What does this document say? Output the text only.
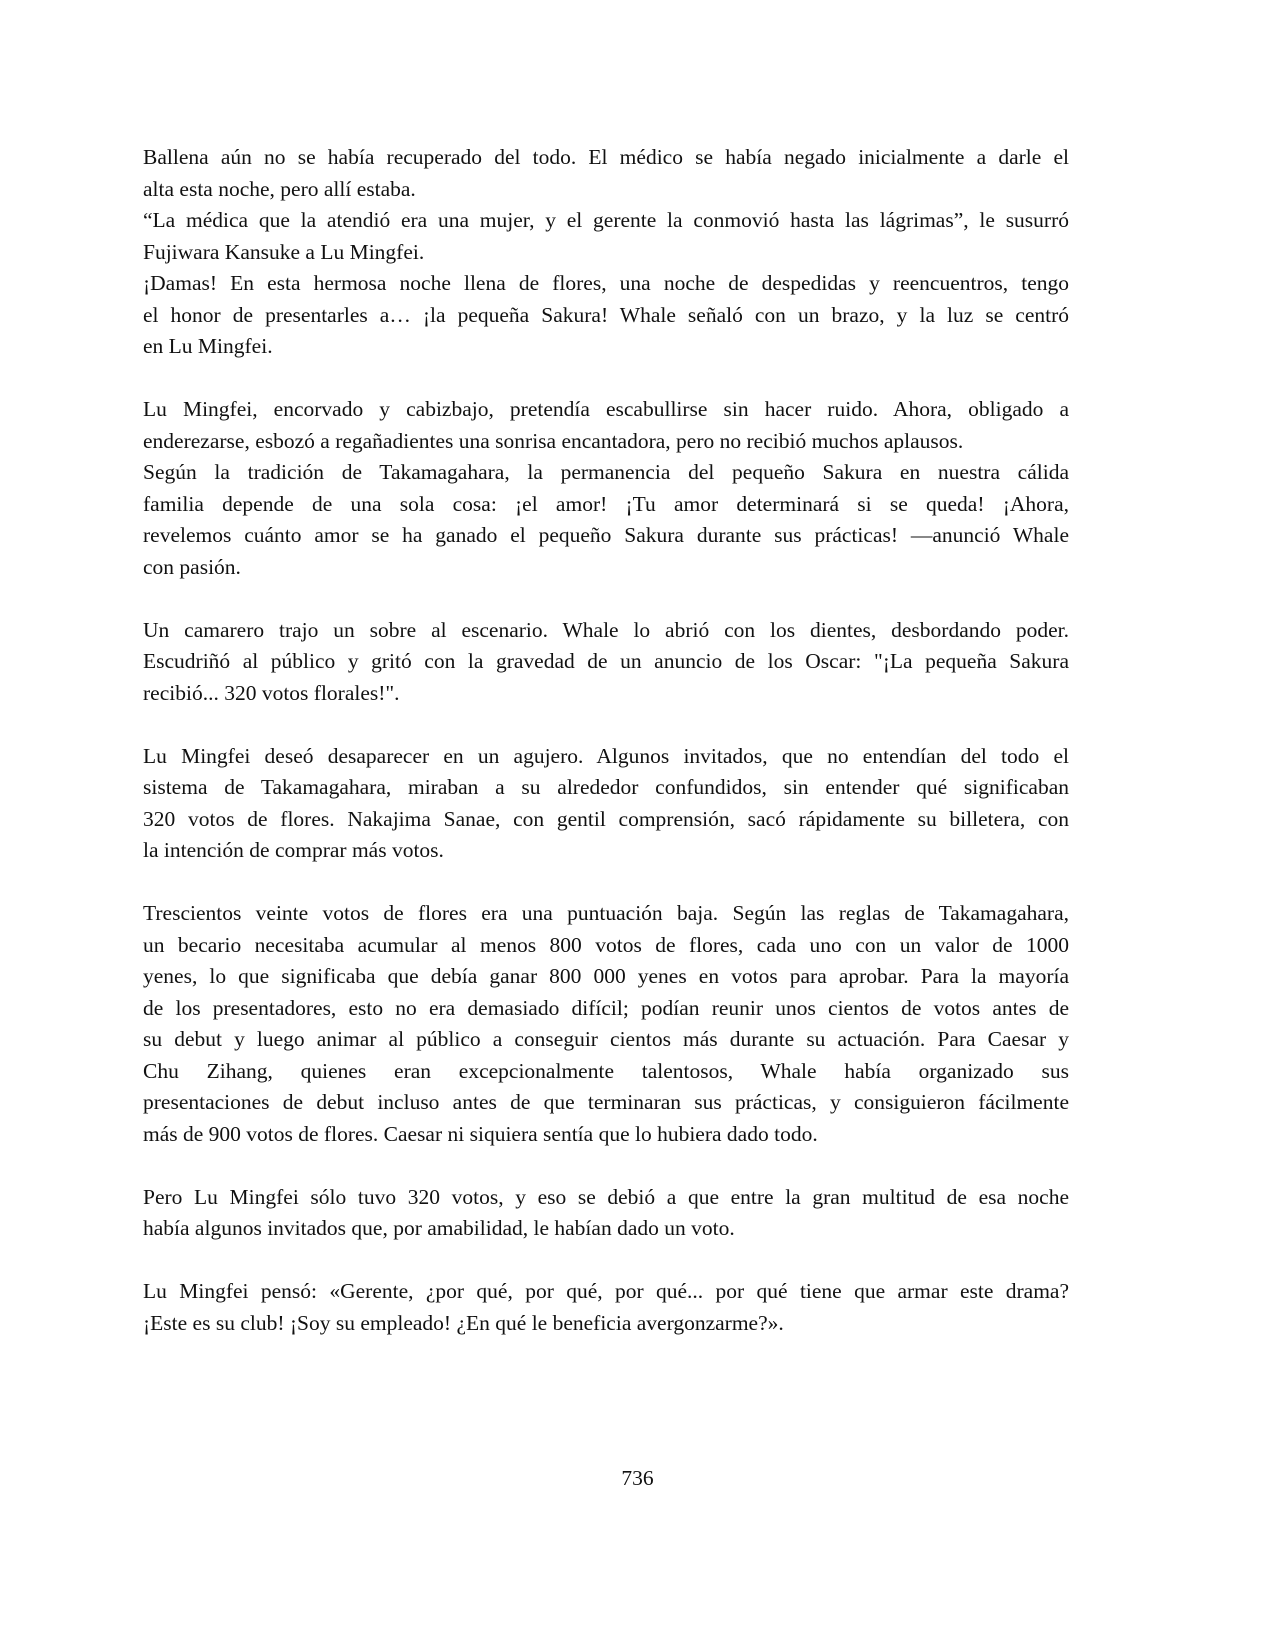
Ballena aún no se había recuperado del todo. El médico se había negado inicialmente a darle el
alta esta noche, pero allí estaba.
“La médica que la atendió era una mujer, y el gerente la conmovió hasta las lágrimas”, le susurró
Fujiwara Kansuke a Lu Mingfei.
¡Damas! En esta hermosa noche llena de flores, una noche de despedidas y reencuentros, tengo
el honor de presentarles a… ¡la pequeña Sakura! Whale señaló con un brazo, y la luz se centró
en Lu Mingfei.
Lu Mingfei, encorvado y cabizbajo, pretendía escabullirse sin hacer ruido. Ahora, obligado a
enderezarse, esbozó a regañadientes una sonrisa encantadora, pero no recibió muchos aplausos.
Según la tradición de Takamagahara, la permanencia del pequeño Sakura en nuestra cálida
familia depende de una sola cosa: ¡el amor! ¡Tu amor determinará si se queda! ¡Ahora,
revelemos cuánto amor se ha ganado el pequeño Sakura durante sus prácticas! —anunció Whale
con pasión.
Un camarero trajo un sobre al escenario. Whale lo abrió con los dientes, desbordando poder.
Escudriñó al público y gritó con la gravedad de un anuncio de los Oscar: "¡La pequeña Sakura
recibió... 320 votos florales!".
Lu Mingfei deseó desaparecer en un agujero. Algunos invitados, que no entendían del todo el
sistema de Takamagahara, miraban a su alrededor confundidos, sin entender qué significaban
320 votos de flores. Nakajima Sanae, con gentil comprensión, sacó rápidamente su billetera, con
la intención de comprar más votos.
Trescientos veinte votos de flores era una puntuación baja. Según las reglas de Takamagahara,
un becario necesitaba acumular al menos 800 votos de flores, cada uno con un valor de 1000
yenes, lo que significaba que debía ganar 800 000 yenes en votos para aprobar. Para la mayoría
de los presentadores, esto no era demasiado difícil; podían reunir unos cientos de votos antes de
su debut y luego animar al público a conseguir cientos más durante su actuación. Para Caesar y
Chu Zihang, quienes eran excepcionalmente talentosos, Whale había organizado sus
presentaciones de debut incluso antes de que terminaran sus prácticas, y consiguieron fácilmente
más de 900 votos de flores. Caesar ni siquiera sentía que lo hubiera dado todo.
Pero Lu Mingfei sólo tuvo 320 votos, y eso se debió a que entre la gran multitud de esa noche
había algunos invitados que, por amabilidad, le habían dado un voto.
Lu Mingfei pensó: «Gerente, ¿por qué, por qué, por qué... por qué tiene que armar este drama?
¡Este es su club! ¡Soy su empleado! ¿En qué le beneficia avergonzarme?».
736
